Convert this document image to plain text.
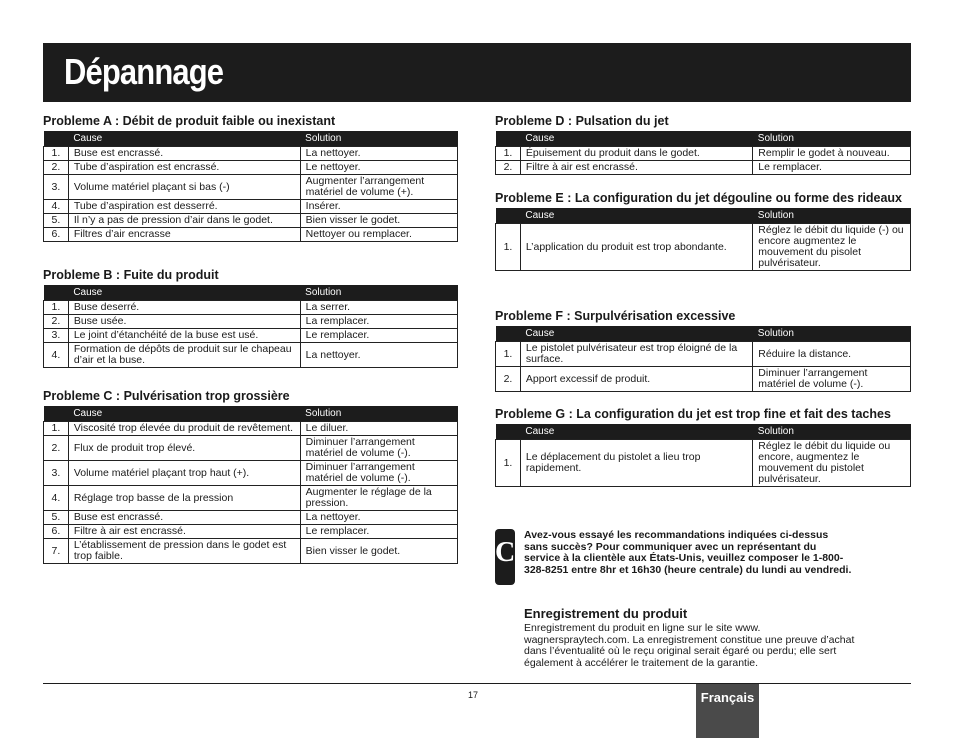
Dépannage
Probleme A : Débit de produit faible ou inexistant
	Cause	Solution
1.	Buse est encrassé.	La nettoyer.
2.	Tube d’aspiration est encrassé.	Le nettoyer.
3.	Volume matériel plaçant si bas (-)	Augmenter l’arrangement matériel de volume (+).
4.	Tube d’aspiration est desserré.	Insérer.
5.	Il n’y a pas de pression d’air dans le godet.	Bien visser le godet.
6.	Filtres d’air encrasse	Nettoyer ou remplacer.
Probleme B : Fuite du produit
	Cause	Solution
1.	Buse deserré.	La serrer.
2.	Buse usée.	La remplacer.
3.	Le joint d’étanchéité de la buse est usé.	Le remplacer.
4.	Formation de dépôts de produit sur le chapeau d’air et la buse.	La nettoyer.
Probleme C : Pulvérisation trop grossière
	Cause	Solution
1.	Viscosité trop élevée du produit de revêtement.	Le diluer.
2.	Flux de produit trop élevé.	Diminuer l’arrangement matériel de volume (-).
3.	Volume matériel plaçant trop haut (+).	Diminuer l’arrangement matériel de volume (-).
4.	Réglage trop basse de la pression	Augmenter le réglage de la pression.
5.	Buse est encrassé.	La nettoyer.
6.	Filtre à air est encrassé.	Le remplacer.
7.	L’établissement de pression dans le godet est trop faible.	Bien visser le godet.
Probleme D : Pulsation du jet
	Cause	Solution
1.	Épuisement du produit dans le godet.	Remplir le godet à nouveau.
2.	Filtre à air est encrassé.	Le remplacer.
Probleme E : La configuration du jet dégouline ou forme des rideaux
	Cause	Solution
1.	L’application du produit est trop abondante.	Réglez le débit du liquide (-) ou encore augmentez le mouvement du pisolet pulvérisateur.
Probleme F : Surpulvérisation excessive
	Cause	Solution
1.	Le pistolet pulvérisateur est trop éloigné de la surface.	Réduire la distance.
2.	Apport excessif de produit.	Diminuer l’arrangement matériel de volume (-).
Probleme G : La configuration du jet est trop fine et fait des taches
	Cause	Solution
1.	Le déplacement du pistolet a lieu trop rapidement.	Réglez le débit du liquide ou encore, augmentez le mouvement du pistolet pulvérisateur.
C
Avez-vous essayé les recommandations indiquées ci-dessus sans succès? Pour communiquer avec un représentant du service à la clientèle aux États-Unis, veuillez composer le 1-800-328-8251 entre 8hr et 16h30 (heure centrale) du lundi au vendredi.
Enregistrement du produit
Enregistrement du produit en ligne sur le site www. wagnerspraytech.com. La enregistrement constitue une preuve d’achat dans l’éventualité où le reçu original serait égaré ou perdu; elle sert également à accélérer le traitement de la garantie.
17	Français
